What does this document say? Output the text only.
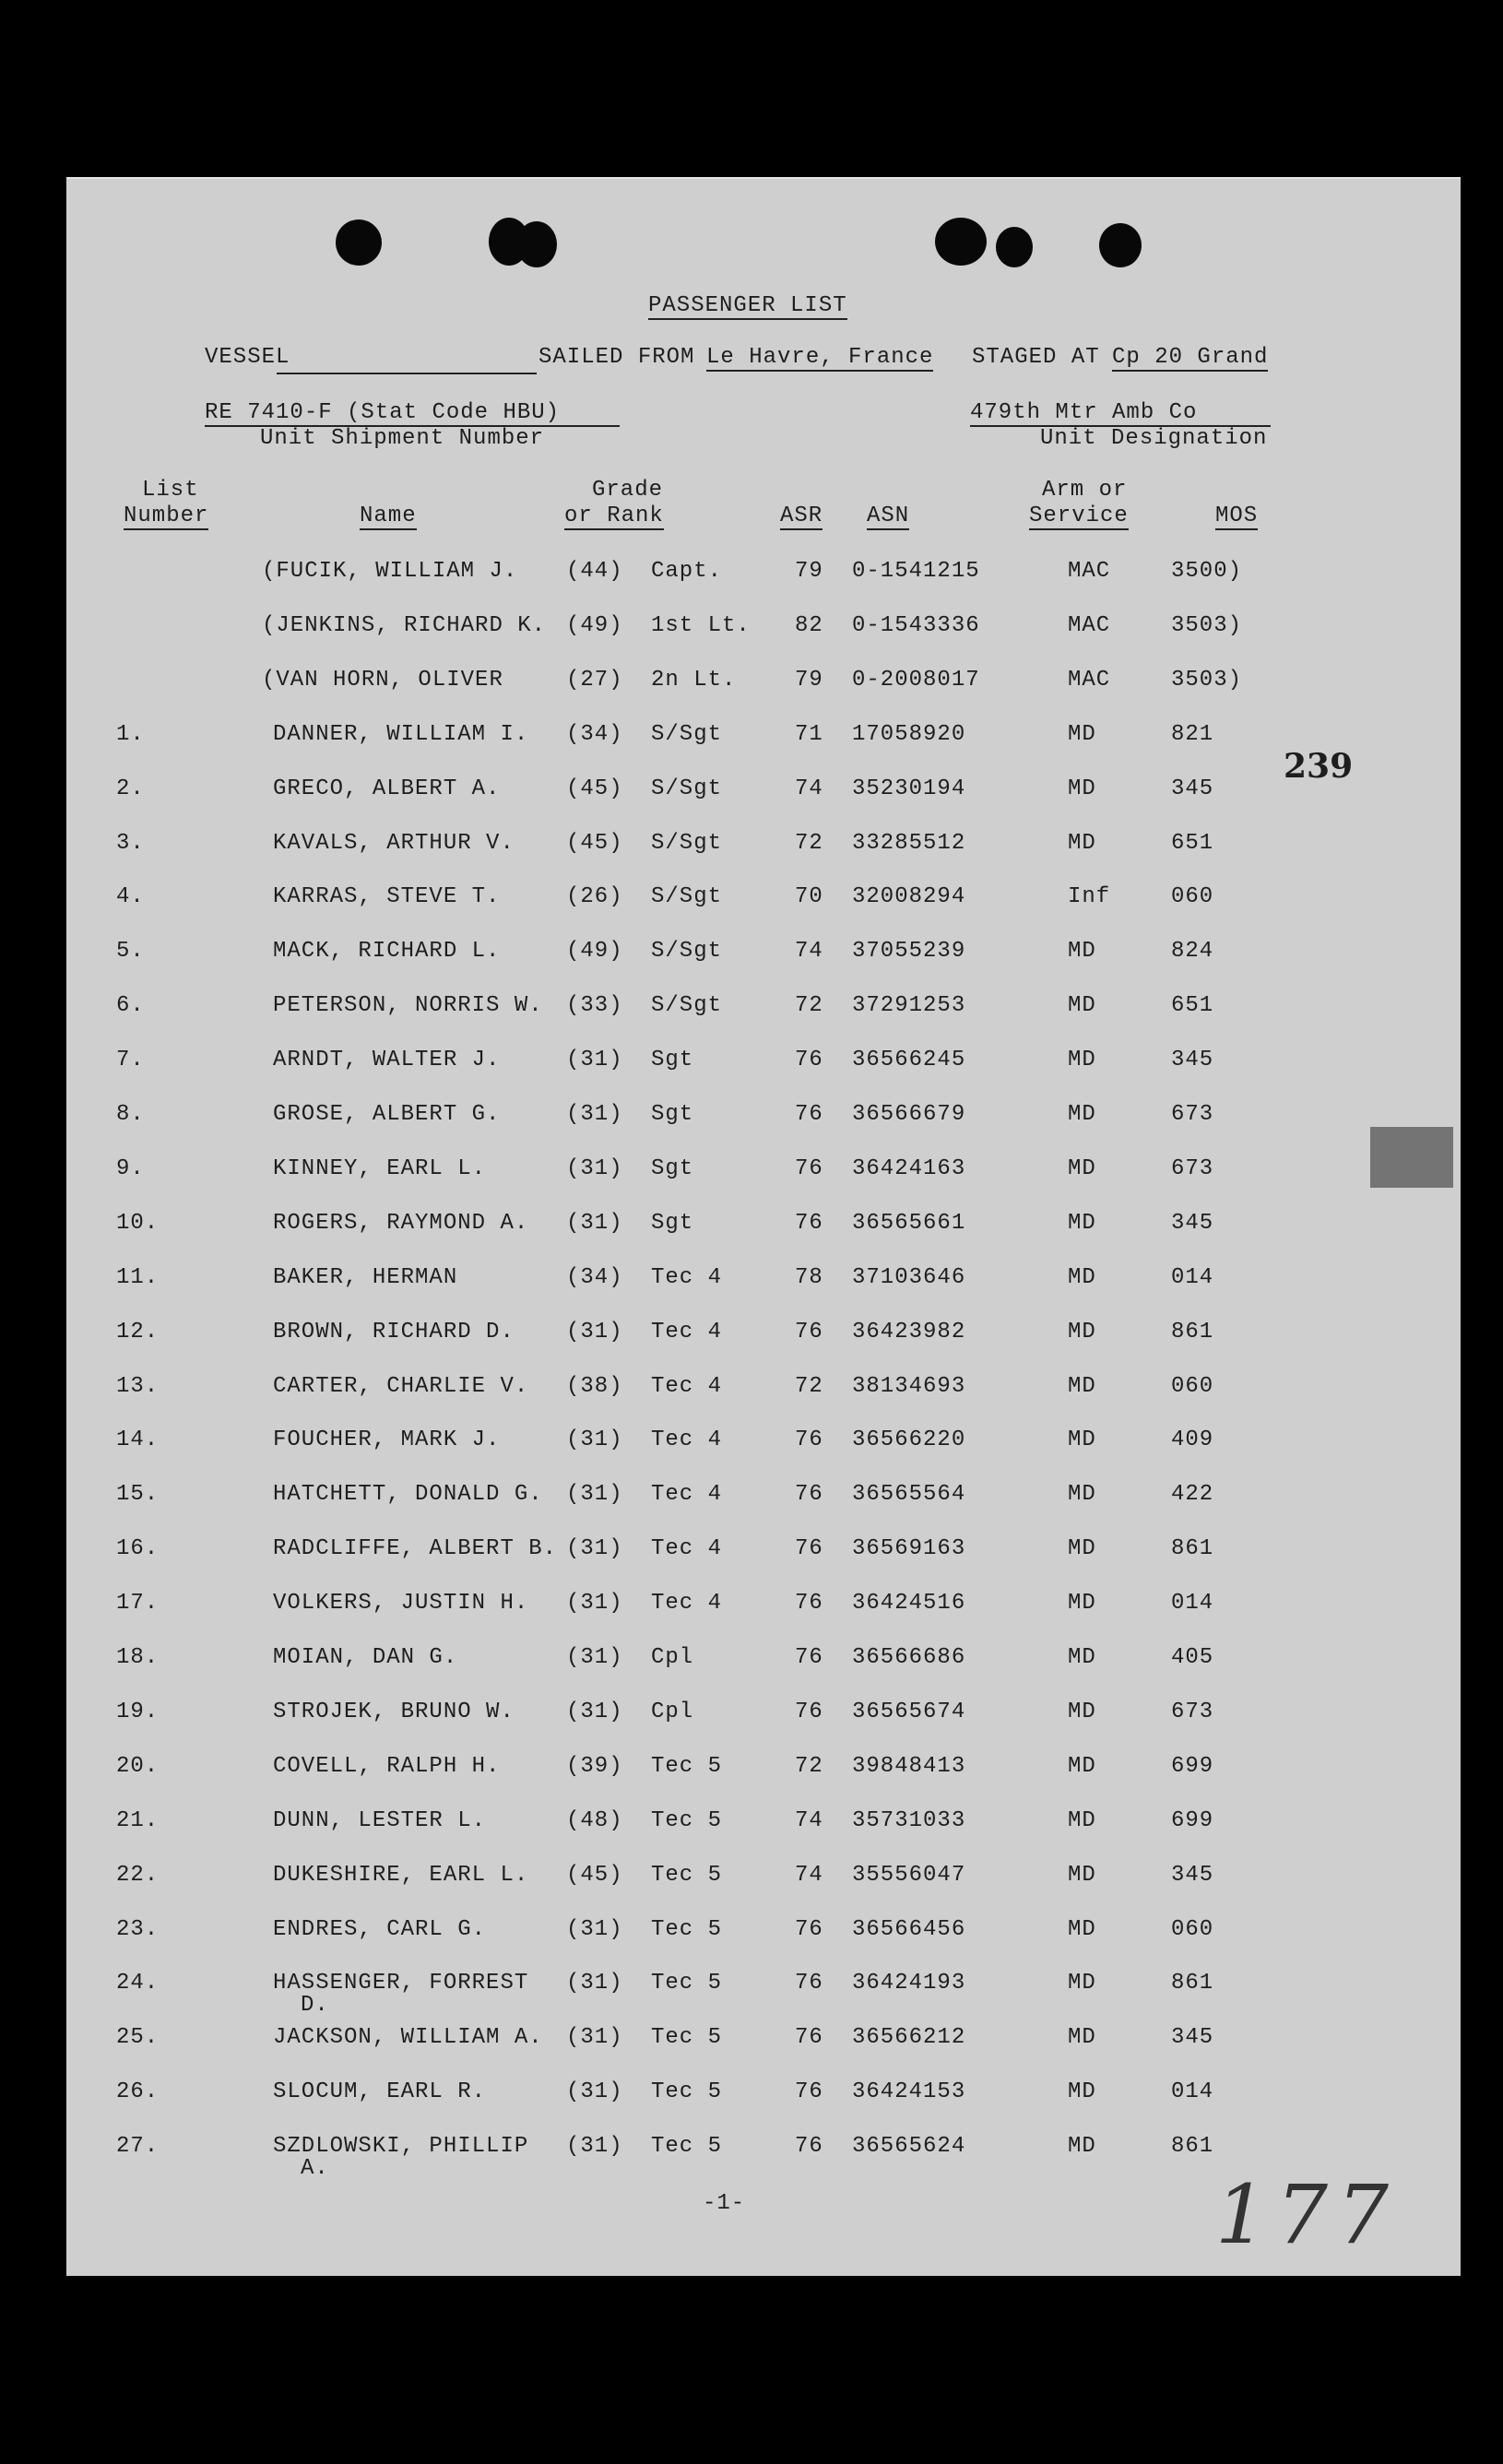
PASSENGER LIST
VESSEL	SAILED FROM Le Havre, France STAGED AT Cp 20 Grand
RE 7410-F (Stat Code HBU)
Unit Shipment Number
479th Mtr Amb Co
Unit Designation
List
Number	Name
Grade
or Rank	ASR ASN
Arm or
Service	MOS
(FUCIK, WILLIAM J. (44) Capt.	79 0-1541215	MAC	3500)
(JENKINS, RICHARD K. (49) 1st Lt. 82 0-1543336	MAC	3503)
(VAN HORN, OLIVER	(27) 2n Lt.	79 0-2008017	MAC	3503)
1.	DANNER, WILLIAM I. (34) S/Sgt	71 17058920	MD	821
2.	GRECO, ALBERT A.	(45) S/Sgt	74 35230194	MD	345
3.	KAVALS, ARTHUR V. (45) S/Sgt	72 33285512	MD	651
4.	KARRAS, STEVE T.	(26) S/Sgt	70 32008294	Inf	060
5.	MACK, RICHARD L.	(49) S/Sgt	74 37055239	MD	824
6.	PETERSON, NORRIS W. (33) S/Sgt	72 37291253	MD	651
7.	ARNDT, WALTER J.	(31) Sgt	76 36566245	MD	345
8.	GROSE, ALBERT G.	(31) Sgt	76 36566679	MD	673
9.	KINNEY, EARL L.	(31) Sgt	76 36424163	MD	673
10.	ROGERS, RAYMOND A. (31) Sgt	76 36565661	MD	345
11.	BAKER, HERMAN	(34) Tec 4	78 37103646	MD	014
12.	BROWN, RICHARD D. (31) Tec 4	76 36423982	MD	861
13.	CARTER, CHARLIE V. (38) Tec 4	72 38134693	MD	060
14.	FOUCHER, MARK J.	(31) Tec 4	76 36566220	MD	409
15.	HATCHETT, DONALD G. (31) Tec 4	76 36565564	MD	422
16.	RADCLIFFE, ALBERT B. (31) Tec 4	76 36569163	MD	861
17.	VOLKERS, JUSTIN H. (31) Tec 4	76 36424516	MD	014
18.	MOIAN, DAN G.	(31) Cpl	76 36566686	MD	405
19.	STROJEK, BRUNO W. (31) Cpl	76 36565674	MD	673
20.	COVELL, RALPH H.	(39) Tec 5	72 39848413	MD	699
21.	DUNN, LESTER L.	(48) Tec 5	74 35731033	MD	699
22.	DUKESHIRE, EARL L. (45) Tec 5	74 35556047	MD	345
23.	ENDRES, CARL G.	(31) Tec 5	76 36566456	MD	060
24.	HASSENGER, FORREST (31) Tec 5	76 36424193	MD	861
D.
25.	JACKSON, WILLIAM A. (31) Tec 5	76 36566212	MD	345
26.	SLOCUM, EARL R.	(31) Tec 5	76 36424153	MD	014
27.	SZDLOWSKI, PHILLIP (31) Tec 5	76 36565624	MD	861
A.
-1-
239
177
